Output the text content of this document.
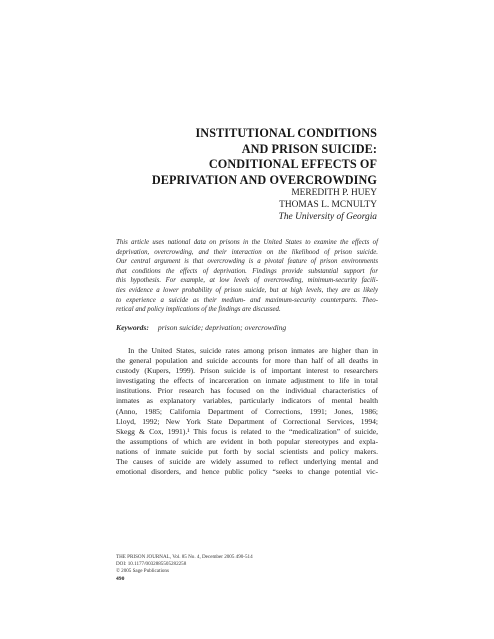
INSTITUTIONAL CONDITIONS
AND PRISON SUICIDE:
CONDITIONAL EFFECTS OF
DEPRIVATION AND OVERCROWDING
MEREDITH P. HUEY
THOMAS L. MCNULTY
The University of Georgia
This article uses national data on prisons in the United States to examine the effects of
deprivation, overcrowding, and their interaction on the likelihood of prison suicide.
Our central argument is that overcrowding is a pivotal feature of prison environments
that conditions the effects of deprivation. Findings provide substantial support for
this hypothesis. For example, at low levels of overcrowding, minimum-security facili-
ties evidence a lower probability of prison suicide, but at high levels, they are as likely
to experience a suicide as their medium- and maximum-security counterparts. Theo-
retical and policy implications of the findings are discussed.
Keywords: prison suicide; deprivation; overcrowding
In the United States, suicide rates among prison inmates are higher than in
the general population and suicide accounts for more than half of all deaths in
custody (Kupers, 1999). Prison suicide is of important interest to researchers
investigating the effects of incarceration on inmate adjustment to life in total
institutions. Prior research has focused on the individual characteristics of
inmates as explanatory variables, particularly indicators of mental health
(Anno, 1985; California Department of Corrections, 1991; Jones, 1986;
Lloyd, 1992; New York State Department of Correctional Services, 1994;
Skegg & Cox, 1991).¹ This focus is related to the “medicalization” of suicide,
the assumptions of which are evident in both popular stereotypes and expla-
nations of inmate suicide put forth by social scientists and policy makers.
The causes of suicide are widely assumed to reflect underlying mental and
emotional disorders, and hence public policy “seeks to change potential vic-
THE PRISON JOURNAL, Vol. 85 No. 4, December 2005 490-514
DOI: 10.1177/0032885505282258
© 2005 Sage Publications
490
